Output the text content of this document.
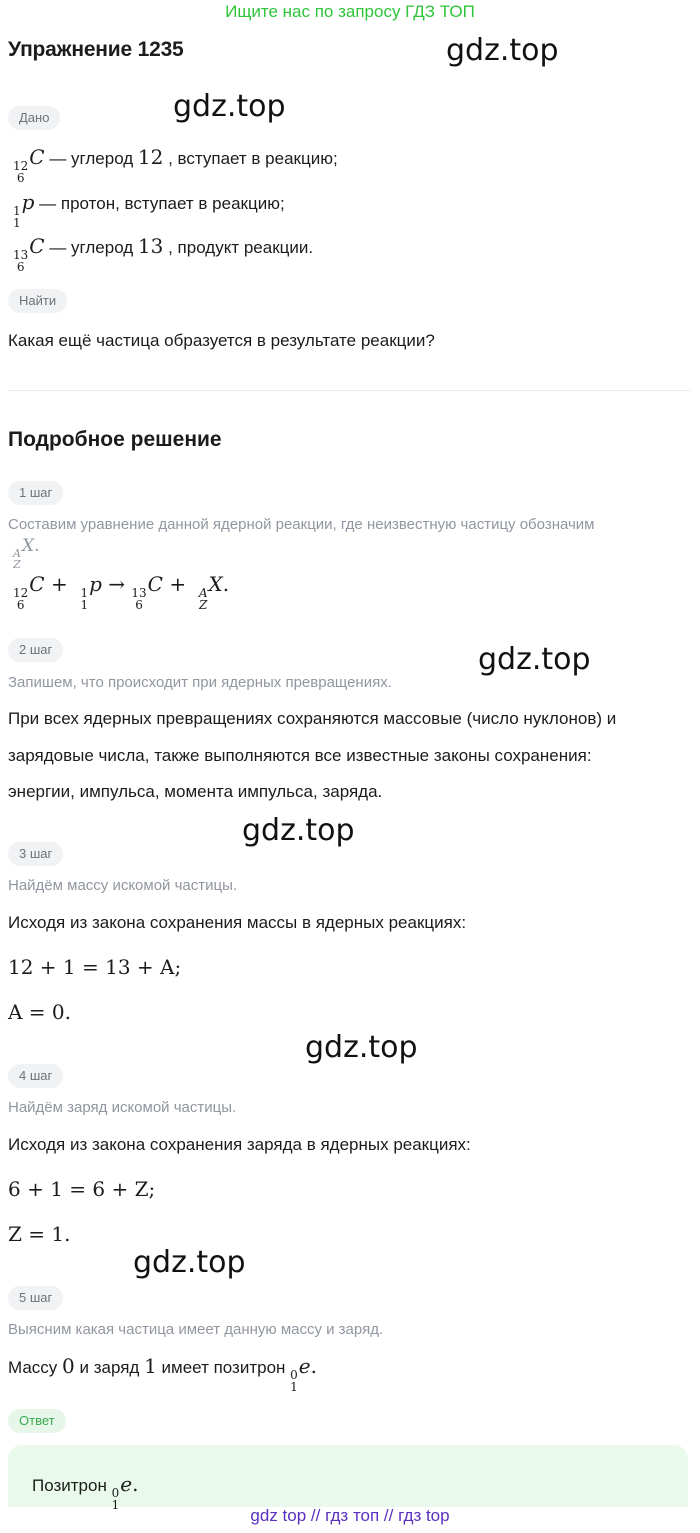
Ищите нас по запросу ГДЗ ТОП
Упражнение 1235	gdz.top
gdz.top
gdz.top
gdz.top
gdz.top
gdz.top
Дано
12
6
C — углерод 12 , вступает в реакцию;
1
1
p — протон, вступает в реакцию;
13
6
C — углерод 13 , продукт реакции.
Найти
Какая ещё частица образуется в результате реакции?
Подробное решение
1 шаг
Составим уравнение данной ядерной реакции, где неизвестную частицу обозначим
A
Z
X.
12
6
C + 1
1
p → 13
6
C + A
Z
X.
2 шаг
Запишем, что происходит при ядерных превращениях.
При всех ядерных превращениях сохраняются массовые (число нуклонов) и
зарядовые числа, также выполняются все известные законы сохранения:
энергии, импульса, момента импульса, заряда.
3 шаг
Найдём массу искомой частицы.
Исходя из закона сохранения массы в ядерных реакциях:
12 + 1 = 13 + A;
A = 0.
4 шаг
Найдём заряд искомой частицы.
Исходя из закона сохранения заряда в ядерных реакциях:
6 + 1 = 6 + Z;
Z = 1.
5 шаг
Выясним какая частица имеет данную массу и заряд.
Массу 0 и заряд 1 имеет позитрон 0
1
e.
Ответ
Позитрон 0
1
e.
gdz top // гдз топ // гдз top
